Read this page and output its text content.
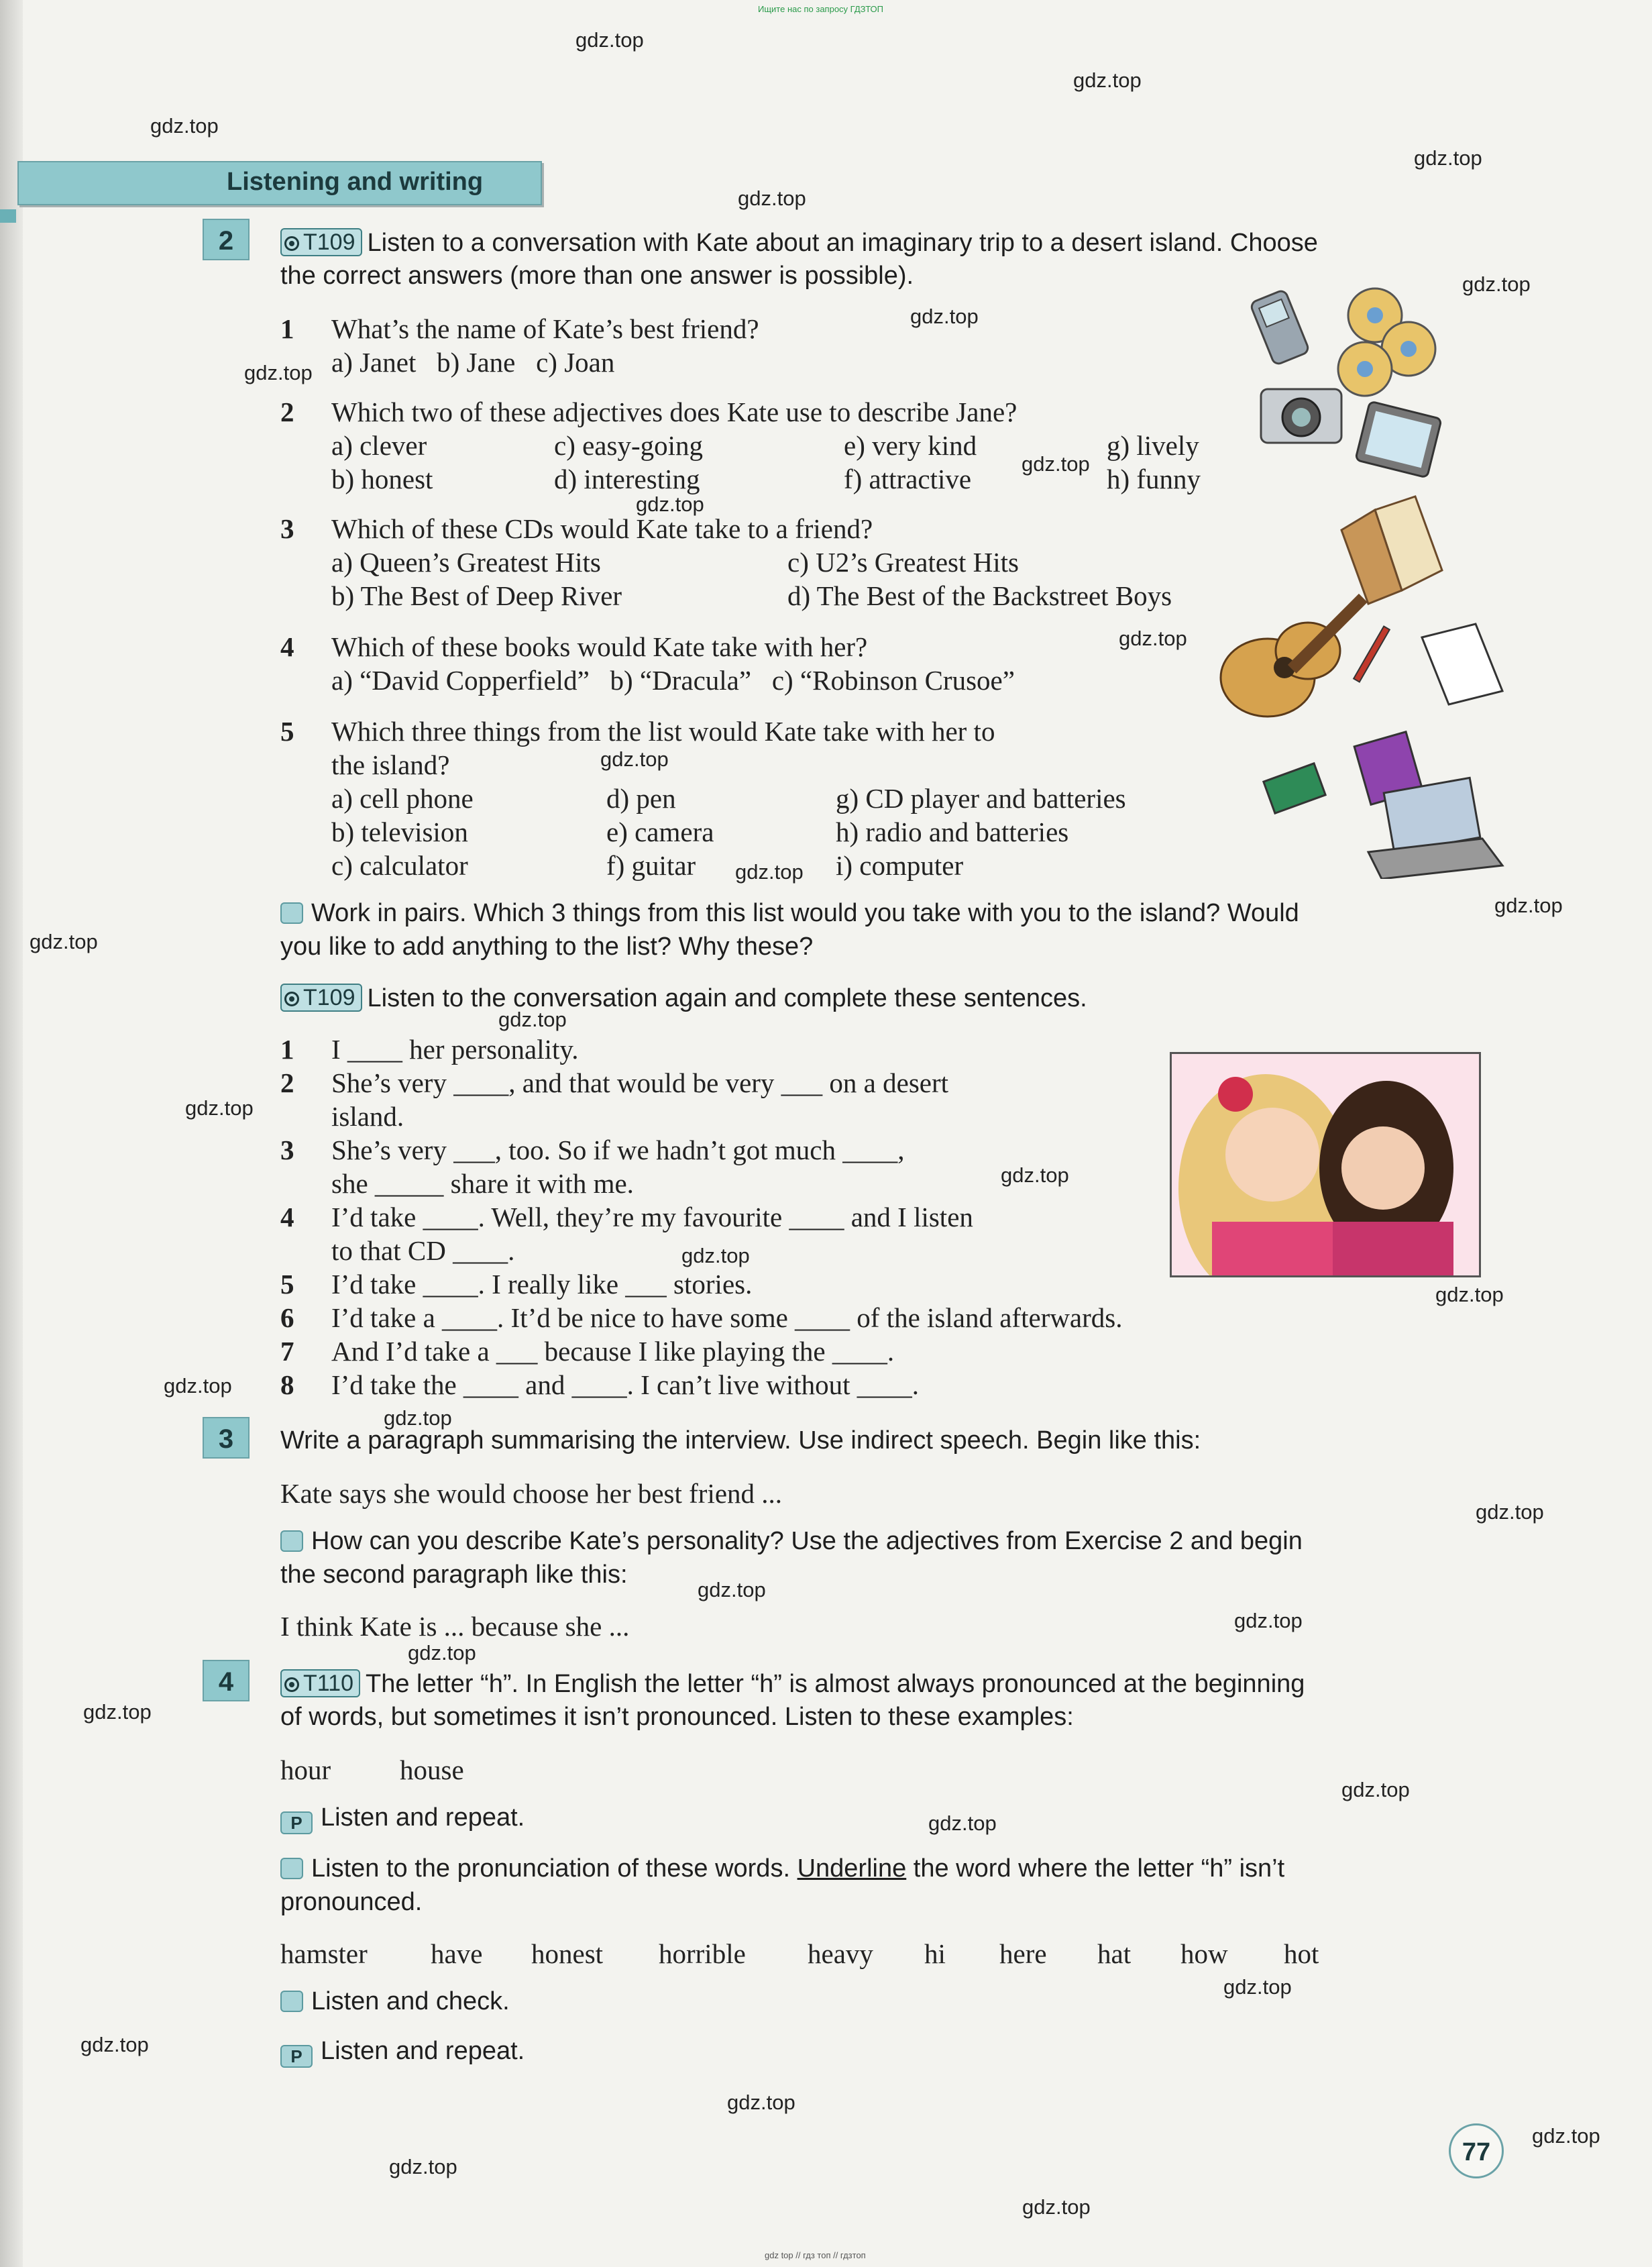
Ищите нас по запросу ГДЗТОП
gdz top // гдз топ // гдзтоп
gdz.top
gdz.top
gdz.top
gdz.top
gdz.top
gdz.top
gdz.top
gdz.top
gdz.top
gdz.top
gdz.top
gdz.top
gdz.top
gdz.top
gdz.top
gdz.top
gdz.top
gdz.top
gdz.top
gdz.top
gdz.top
gdz.top
gdz.top
gdz.top
gdz.top
gdz.top
gdz.top
gdz.top
gdz.top
gdz.top
gdz.top
gdz.top
gdz.top
gdz.top
gdz.top
Listening and writing
2	T109 Listen to a conversation with Kate about an imaginary trip to a desert island. Choose
the correct answers (more than one answer is possible).
1 What’s the name of Kate’s best friend?
a) Janet   b) Jane   c) Joan
2 Which two of these adjectives does Kate use to describe Jane?
a) clever	c) easy-going	e) very kind	g) lively
b) honest	d) interesting	f) attractive	h) funny
3 Which of these CDs would Kate take to a friend?
a) Queen’s Greatest Hits	c) U2’s Greatest Hits
b) The Best of Deep River	d) The Best of the Backstreet Boys
4 Which of these books would Kate take with her?
a) “David Copperfield”   b) “Dracula”   c) “Robinson Crusoe”
5 Which three things from the list would Kate take with her to
the island?
a) cell phone	d) pen	g) CD player and batteries
b) television	e) camera	h) radio and batteries
c) calculator	f) guitar	i) computer
Work in pairs. Which 3 things from this list would you take with you to the island? Would
you like to add anything to the list? Why these?
T109 Listen to the conversation again and complete these sentences.
1 I ____ her personality.
2 She’s very ____, and that would be very ___ on a desert
island.
3 She’s very ___, too. So if we hadn’t got much ____,
she _____ share it with me.
4 I’d take ____. Well, they’re my favourite ____ and I listen
to that CD ____.
5 I’d take ____. I really like ___ stories.
6 I’d take a ____. It’d be nice to have some ____ of the island afterwards.
7 And I’d take a ___ because I like playing the ____.
8 I’d take the ____ and ____. I can’t live without ____.
3	Write a paragraph summarising the interview. Use indirect speech. Begin like this:
Kate says she would choose her best friend ...
How can you describe Kate’s personality? Use the adjectives from Exercise 2 and begin
the second paragraph like this:
I think Kate is ... because she ...
4	T110 The letter “h”. In English the letter “h” is almost always pronounced at the beginning
of words, but sometimes it isn’t pronounced. Listen to these examples:
hour	house
P Listen and repeat.
Listen to the pronunciation of these words. Underline the word where the letter “h” isn’t
pronounced.
hamster have honest horrible heavy hi here hat how hot
Listen and check.
P Listen and repeat.
77
